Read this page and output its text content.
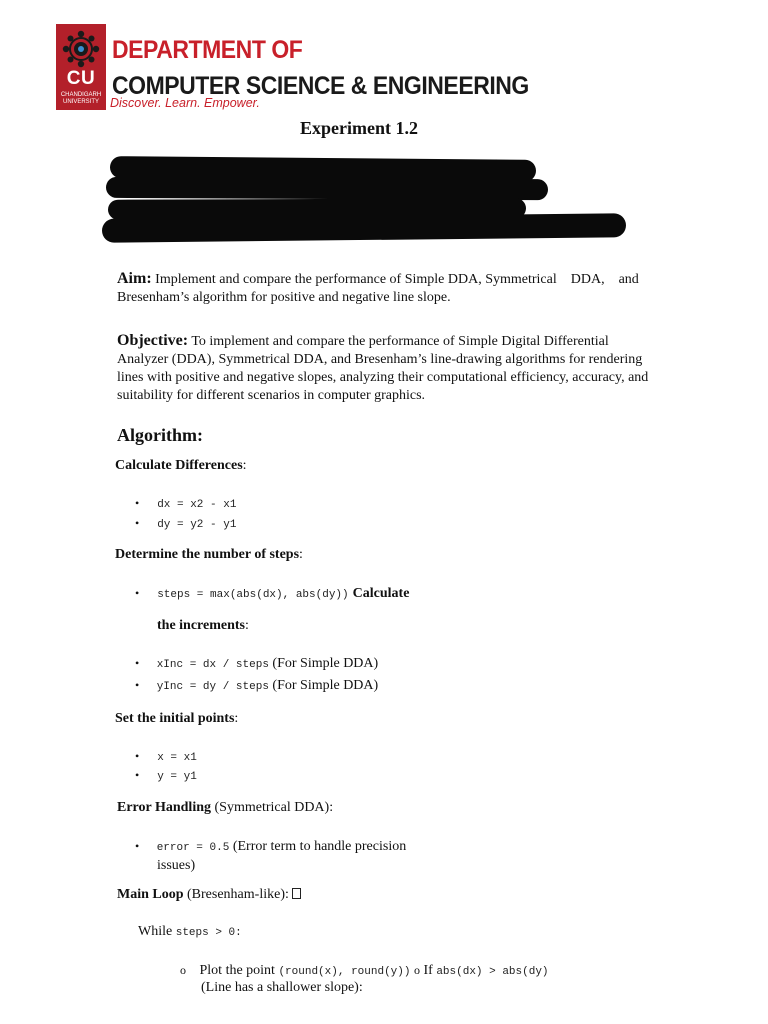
CU
CHANDIGARH UNIVERSITY
DEPARTMENT OF
COMPUTER SCIENCE & ENGINEERING
Discover. Learn. Empower.
Experiment 1.2
Aim: Implement and compare the performance of Simple DDA, Symmetrical    DDA,    and
Bresenham’s algorithm for positive and negative line slope.
Objective: To implement and compare the performance of Simple Digital Differential
Analyzer (DDA), Symmetrical DDA, and Bresenham’s line-drawing algorithms for rendering
lines with positive and negative slopes, analyzing their computational efficiency, accuracy, and
suitability for different scenarios in computer graphics.
Algorithm:
Calculate Differences:
• dx = x2 - x1
• dy = y2 - y1
Determine the number of steps:
• steps = max(abs(dx), abs(dy)) Calculate
the increments:
• xInc = dx / steps (For Simple DDA)
• yInc = dy / steps (For Simple DDA)
Set the initial points:
• x = x1
• y = y1
Error Handling (Symmetrical DDA):
• error = 0.5 (Error term to handle precision
issues)
Main Loop (Bresenham-like):
While steps > 0:
o Plot the point (round(x), round(y)) o If abs(dx) > abs(dy)
(Line has a shallower slope):
